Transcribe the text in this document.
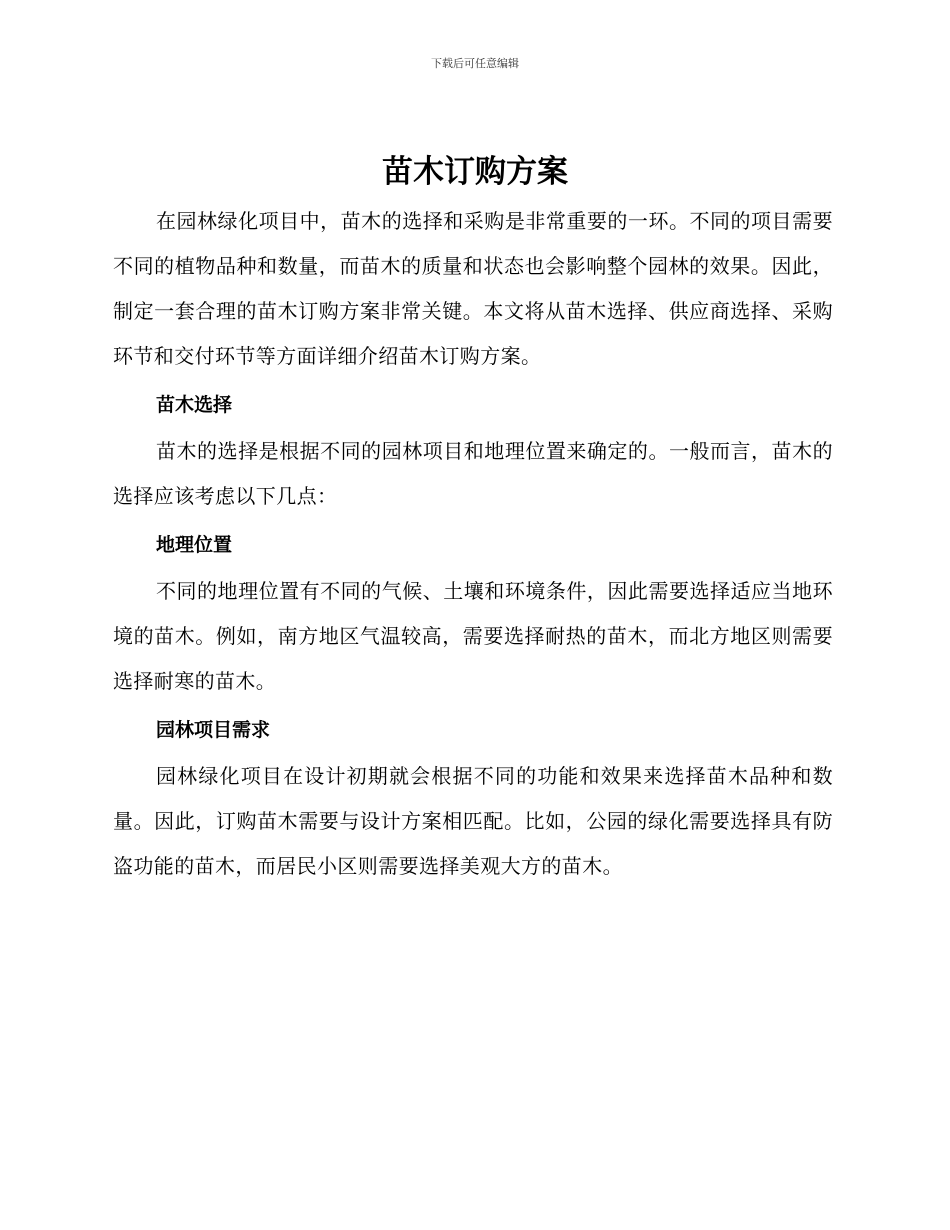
下载后可任意编辑
苗木订购方案

在园林绿化项目中，苗木的选择和采购是非常重要的一环。不同的项目需要不同的植物品种和数量，而苗木的质量和状态也会影响整个园林的效果。因此，制定一套合理的苗木订购方案非常关键。本文将从苗木选择、供应商选择、采购环节和交付环节等方面详细介绍苗木订购方案。

苗木选择

苗木的选择是根据不同的园林项目和地理位置来确定的。一般而言，苗木的选择应该考虑以下几点：

地理位置

不同的地理位置有不同的气候、土壤和环境条件，因此需要选择适应当地环境的苗木。例如，南方地区气温较高，需要选择耐热的苗木，而北方地区则需要选择耐寒的苗木。

园林项目需求

园林绿化项目在设计初期就会根据不同的功能和效果来选择苗木品种和数量。因此，订购苗木需要与设计方案相匹配。比如，公园的绿化需要选择具有防盗功能的苗木，而居民小区则需要选择美观大方的苗木。
